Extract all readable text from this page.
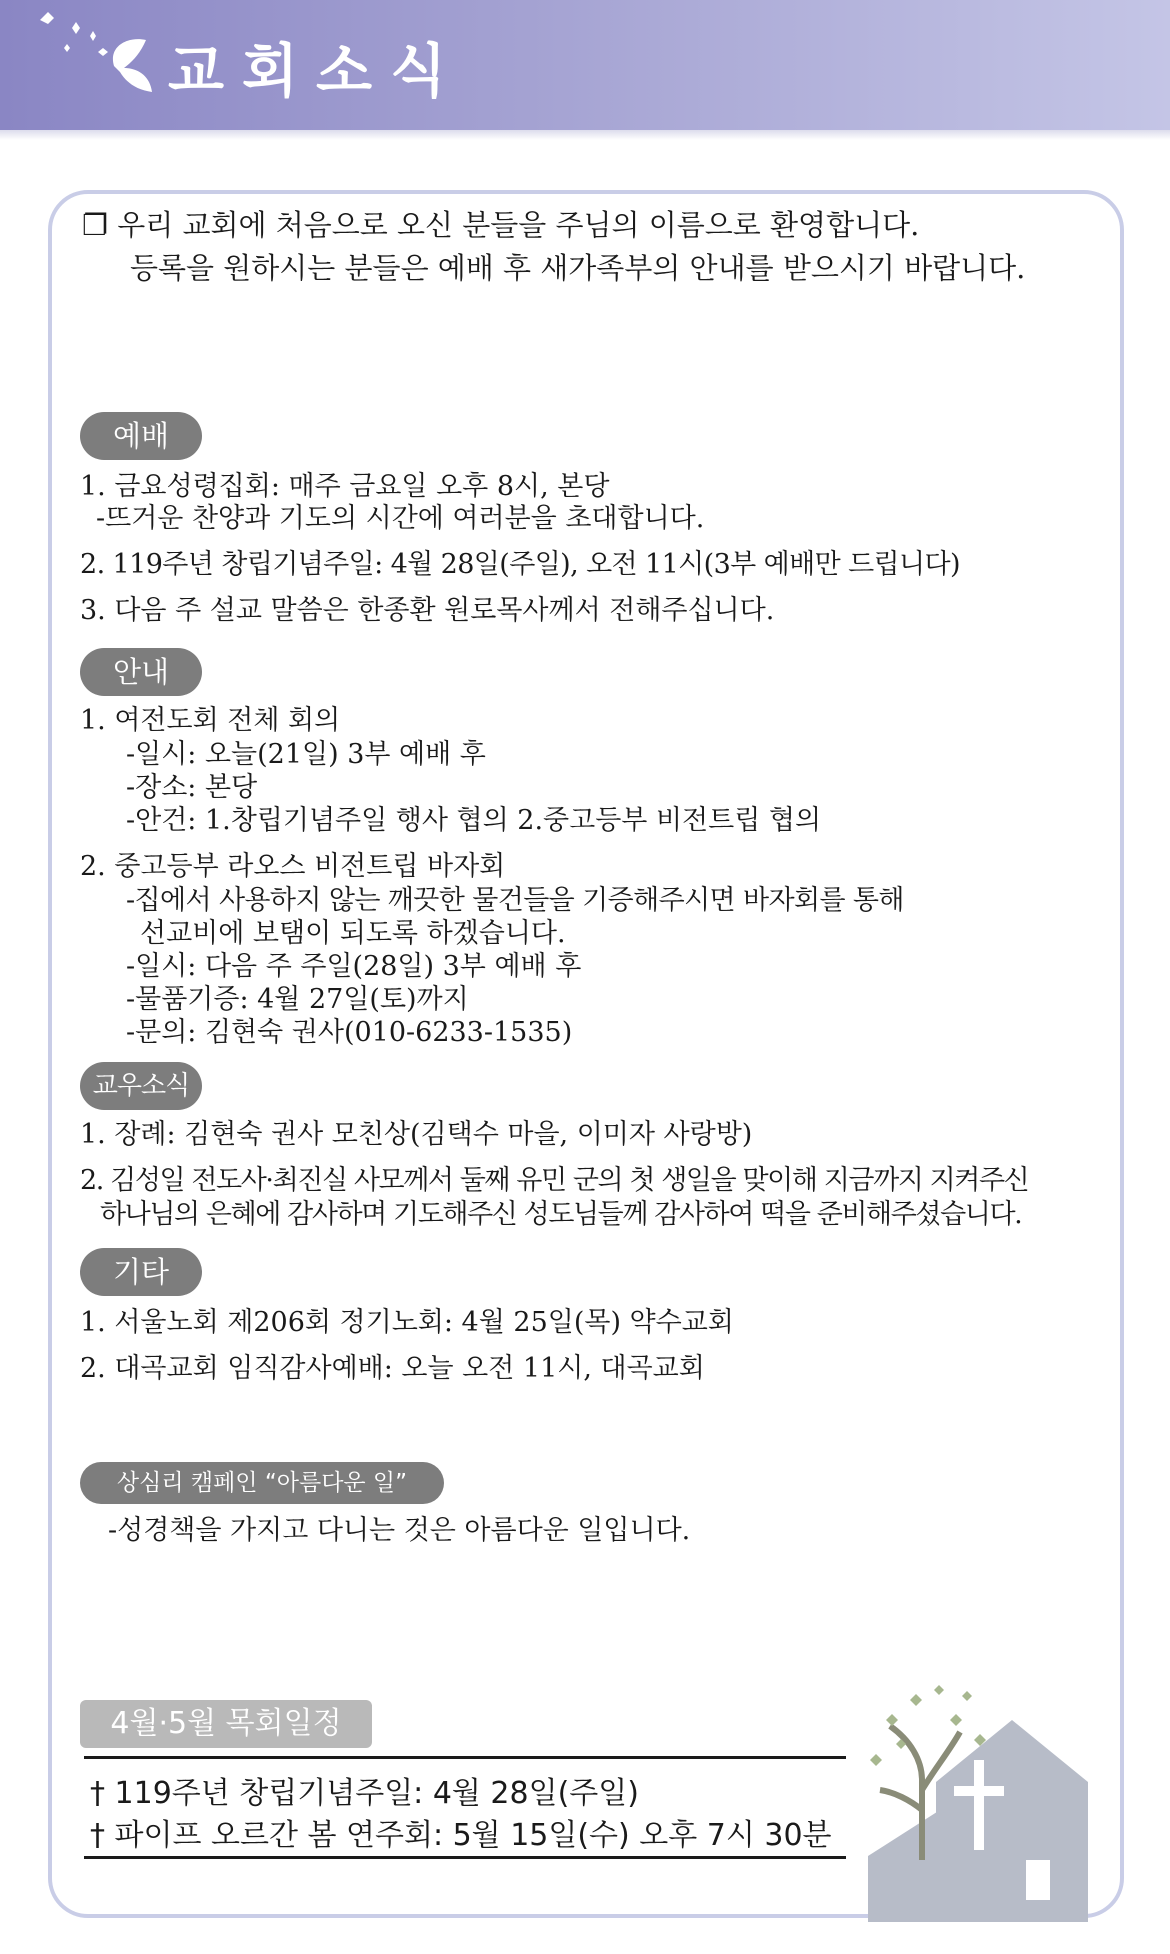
교회소식
❐ 우리 교회에 처음으로 오신 분들을 주님의 이름으로 환영합니다.
등록을 원하시는 분들은 예배 후 새가족부의 안내를 받으시기 바랍니다.
예배
1. 금요성령집회: 매주 금요일 오후 8시, 본당
-뜨거운 찬양과 기도의 시간에 여러분을 초대합니다.
2. 119주년 창립기념주일: 4월 28일(주일), 오전 11시(3부 예배만 드립니다)
3. 다음 주 설교 말씀은 한종환 원로목사께서 전해주십니다.
안내
1. 여전도회 전체 회의
-일시: 오늘(21일) 3부 예배 후
-장소: 본당
-안건: 1.창립기념주일 행사 협의 2.중고등부 비전트립 협의
2. 중고등부 라오스 비전트립 바자회
-집에서 사용하지 않는 깨끗한 물건들을 기증해주시면 바자회를 통해
선교비에 보탬이 되도록 하겠습니다.
-일시: 다음 주 주일(28일) 3부 예배 후
-물품기증: 4월 27일(토)까지
-문의: 김현숙 권사(010-6233-1535)
교우소식
1. 장례: 김현숙 권사 모친상(김택수 마을, 이미자 사랑방)
2. 김성일 전도사·최진실 사모께서 둘째 유민 군의 첫 생일을 맞이해 지금까지 지켜주신
하나님의 은혜에 감사하며 기도해주신 성도님들께 감사하여 떡을 준비해주셨습니다.
기타
1. 서울노회 제206회 정기노회: 4월 25일(목) 약수교회
2. 대곡교회 임직감사예배: 오늘 오전 11시, 대곡교회
상심리 캠페인 “아름다운 일”
-성경책을 가지고 다니는 것은 아름다운 일입니다.
4월·5월 목회일정
† 119주년 창립기념주일: 4월 28일(주일)
† 파이프 오르간 봄 연주회: 5월 15일(수) 오후 7시 30분
